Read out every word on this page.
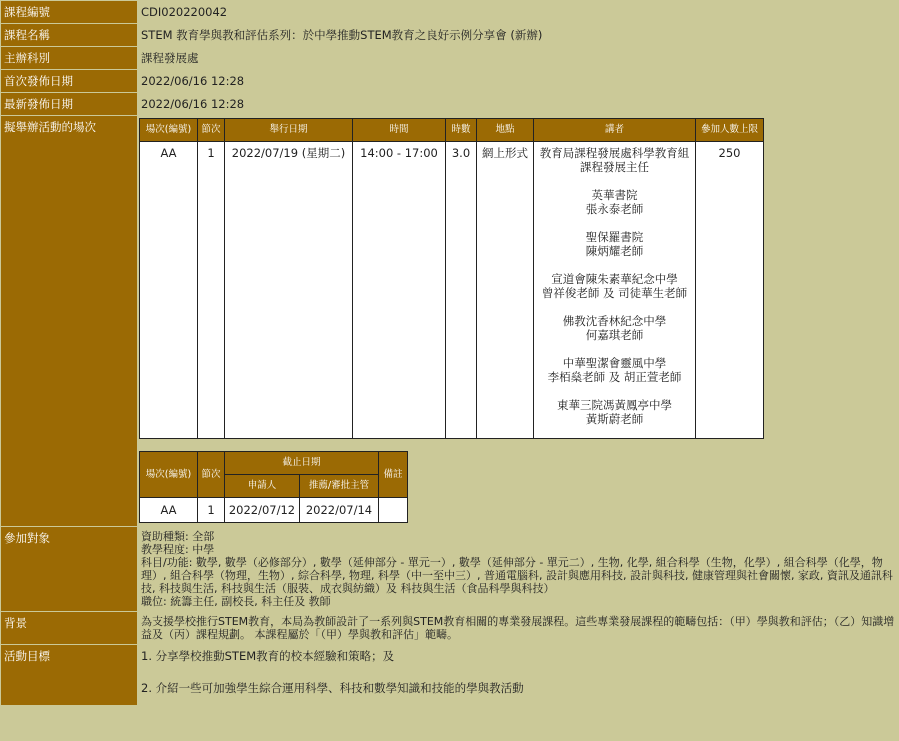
課程編號	CDI020220042
課程名稱	STEM 教育學與教和評估系列：於中學推動STEM教育之良好示例分享會 (新辦)
主辦科別	課程發展處
首次發佈日期	2022/06/16 12:28
最新發佈日期	2022/06/16 12:28
擬舉辦活動的場次		場次(編號)	節次	舉行日期	時間	時數	地點	講者	參加人數上限
AA	1	2022/07/19 (星期二)	14:00 - 17:00	3.0	網上形式	教育局課程發展處科學教育組
課程發展主任

英華書院
張永泰老師

聖保羅書院
陳炳耀老師

宣道會陳朱素華紀念中學
曾祥俊老師 及 司徒華生老師

佛教沈香林紀念中學
何嘉琪老師

中華聖潔會靈風中學
李栢燊老師 及 胡正萱老師

東華三院馮黃鳳亭中學
黃斯蔚老師	250
場次(編號)	節次	截止日期	備註
申請人	推薦/審批主管
AA	1	2022/07/12	2022/07/14	

參加對象	資助種類: 全部
教學程度: 中學
科目/功能: 數學, 數學（必修部分）, 數學（延伸部分 - 單元一）, 數學（延伸部分 - 單元二）, 生物, 化學, 組合科學（生物，化學）, 組合科學（化學，物理）, 組合科學（物理，生物）, 綜合科學, 物理, 科學（中一至中三）, 普通電腦科, 設計與應用科技, 設計與科技, 健康管理與社會關懷, 家政, 資訊及通訊科技, 科技與生活, 科技與生活（服裝、成衣與紡織）及 科技與生活（食品科學與科技）
職位: 統籌主任, 副校長, 科主任及 教師

背景	為支援學校推行STEM教育，本局為教師設計了一系列與STEM教育相關的專業發展課程。這些專業發展課程的範疇包括：（甲）學與教和評估；（乙）知識增益及（丙）課程規劃。 本課程屬於「（甲）學與教和評估」範疇。
活動目標	1. 分享學校推動STEM教育的校本經驗和策略；及
2. 介紹一些可加強學生綜合運用科學、科技和數學知識和技能的學與教活動
